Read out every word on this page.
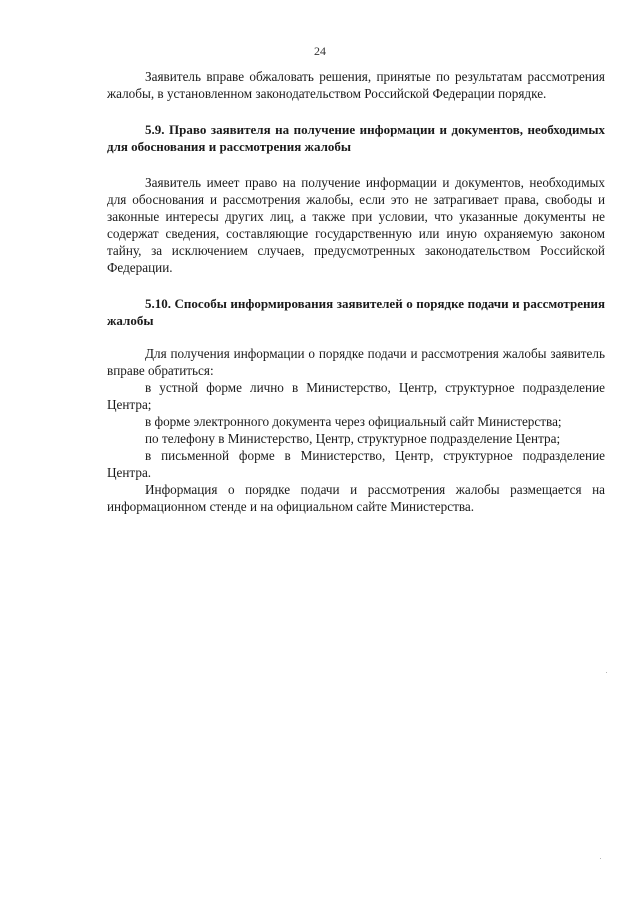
24

Заявитель вправе обжаловать решения, принятые по результатам рассмотрения жалобы, в установленном законодательством Российской Федерации порядке.

5.9. Право заявителя на получение информации и документов, необходимых для обоснования и рассмотрения жалобы

Заявитель имеет право на получение информации и документов, необходимых для обоснования и рассмотрения жалобы, если это не затрагивает права, свободы и законные интересы других лиц, а также при условии, что указанные документы не содержат сведения, составляющие государственную или иную охраняемую законом тайну, за исключением случаев, предусмотренных законодательством Российской Федерации.

5.10. Способы информирования заявителей о порядке подачи и рассмотрения жалобы

Для получения информации о порядке подачи и рассмотрения жалобы заявитель вправе обратиться:

в устной форме лично в Министерство, Центр, структурное подразделение Центра;

в форме электронного документа через официальный сайт Министерства;

по телефону в Министерство, Центр, структурное подразделение Центра;

в письменной форме в Министерство, Центр, структурное подразделение Центра.

Информация о порядке подачи и рассмотрения жалобы размещается на информационном стенде и на официальном сайте Министерства.
